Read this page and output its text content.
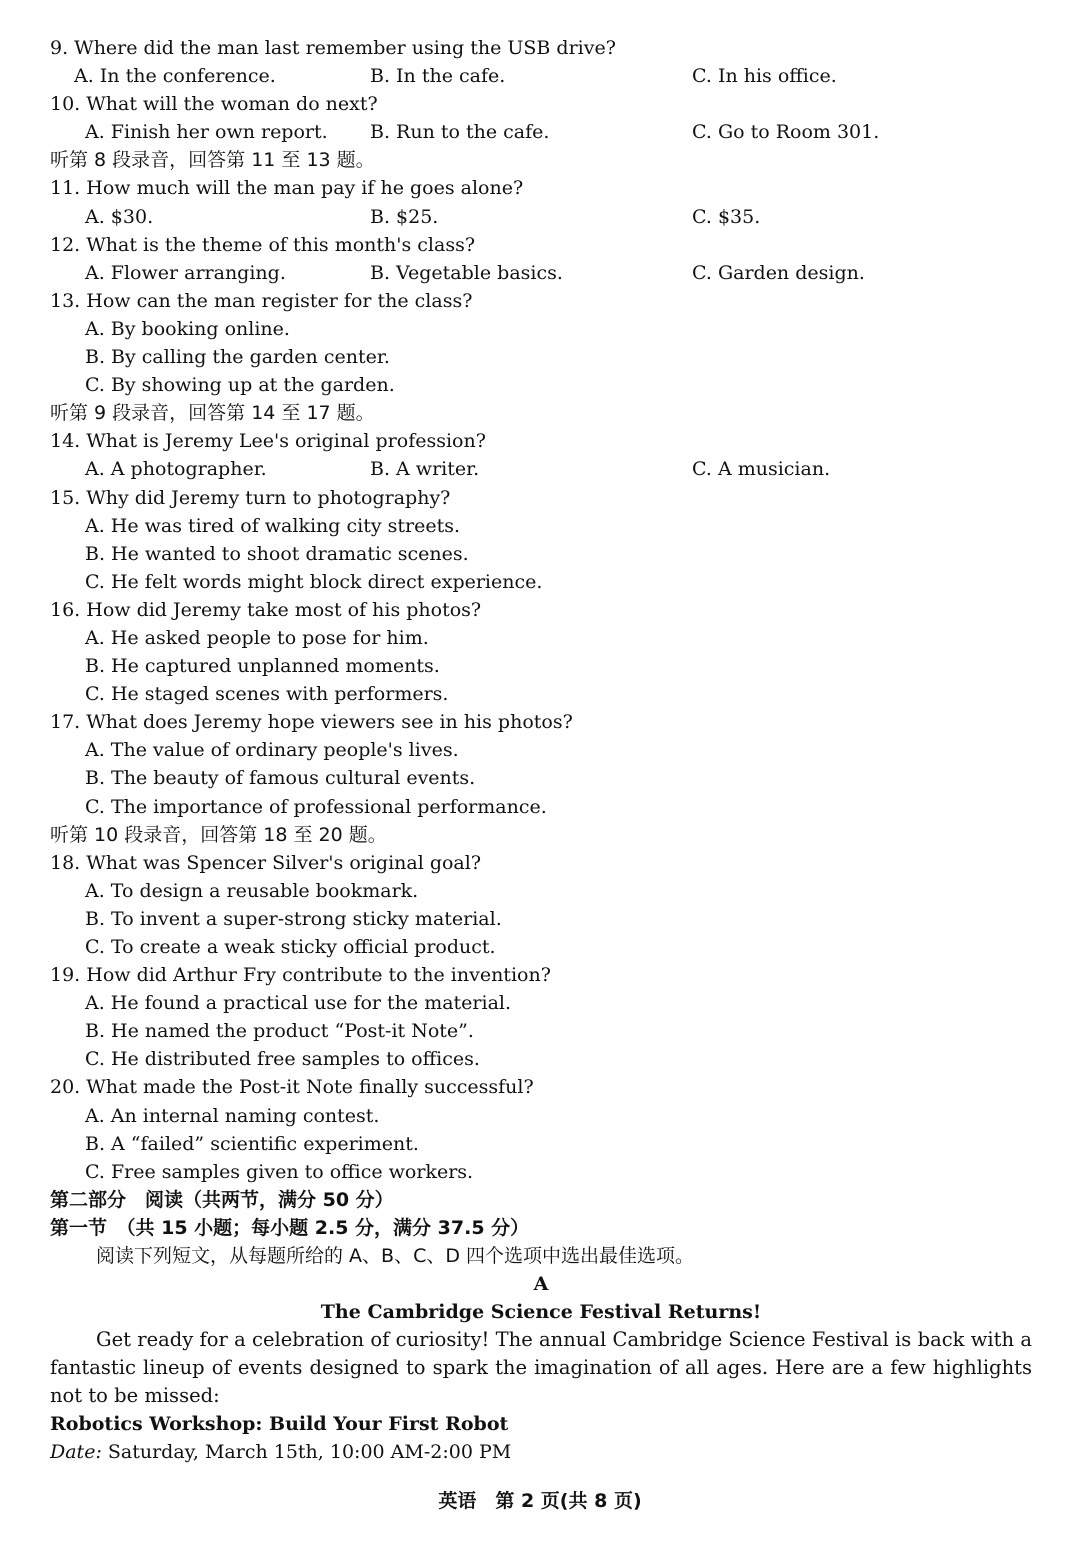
9. Where did the man last remember using the USB drive?
A. In the conference.	B. In the cafe.	C. In his office.
10. What will the woman do next?
A. Finish her own report.	B. Run to the cafe.	C. Go to Room 301.
听第 8 段录音，回答第 11 至 13 题。
11. How much will the man pay if he goes alone?
A. $30.	B. $25.	C. $35.
12. What is the theme of this month's class?
A. Flower arranging.	B. Vegetable basics.	C. Garden design.
13. How can the man register for the class?
A. By booking online.
B. By calling the garden center.
C. By showing up at the garden.
听第 9 段录音，回答第 14 至 17 题。
14. What is Jeremy Lee's original profession?
A. A photographer.	B. A writer.	C. A musician.
15. Why did Jeremy turn to photography?
A. He was tired of walking city streets.
B. He wanted to shoot dramatic scenes.
C. He felt words might block direct experience.
16. How did Jeremy take most of his photos?
A. He asked people to pose for him.
B. He captured unplanned moments.
C. He staged scenes with performers.
17. What does Jeremy hope viewers see in his photos?
A. The value of ordinary people's lives.
B. The beauty of famous cultural events.
C. The importance of professional performance.
听第 10 段录音，回答第 18 至 20 题。
18. What was Spencer Silver's original goal?
A. To design a reusable bookmark.
B. To invent a super-strong sticky material.
C. To create a weak sticky official product.
19. How did Arthur Fry contribute to the invention?
A. He found a practical use for the material.
B. He named the product “Post-it Note”.
C. He distributed free samples to offices.
20. What made the Post-it Note finally successful?
A. An internal naming contest.
B. A “failed” scientific experiment.
C. Free samples given to office workers.
第二部分　阅读（共两节，满分 50 分）
第一节　（共 15 小题；每小题 2.5 分，满分 37.5 分）
阅读下列短文，从每题所给的 A、B、C、D 四个选项中选出最佳选项。
A
The Cambridge Science Festival Returns!
Get ready for a celebration of curiosity! The annual Cambridge Science Festival is back with a fantastic lineup of events designed to spark the imagination of all ages. Here are a few highlights not to be missed:
Robotics Workshop: Build Your First Robot
Date: Saturday, March 15th, 10:00 AM-2:00 PM
英语　第 2 页(共 8 页)
